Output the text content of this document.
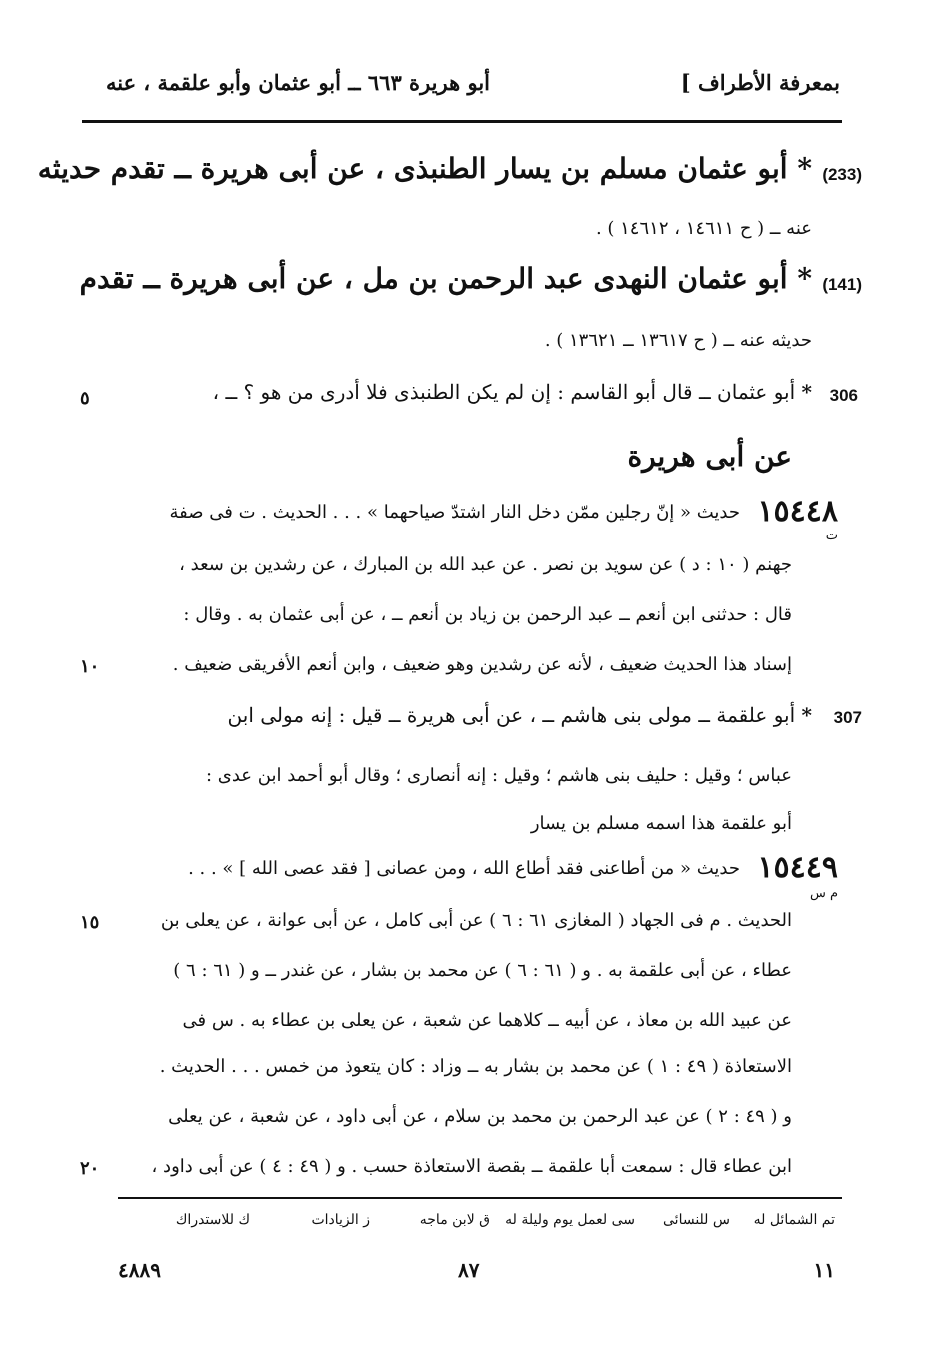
بمعرفة الأطراف ]
أبو هريرة ٦٦٣ ــ أبو عثمان وأبو علقمة ، عنه
(233)
* أبو عثمان مسلم بن يسار الطنبذى ، عن أبى هريرة ــ تقدم حديثه
عنه ــ ( ح ١٤٦١١ ، ١٤٦١٢ ) .
(141)
* أبو عثمان النهدى عبد الرحمن بن مل ، عن أبى هريرة ــ تقدم
حديثه عنه ــ ( ح ١٣٦١٧ ــ ١٣٦٢١ ) .
306
* أبو عثمان ــ قال أبو القاسم : إن لم يكن الطنبذى فلا أدرى من هو ؟ ــ ،
٥
عن أبى هريرة
١٥٤٤٨
ت
حديث « إنّ رجلين ممّن دخل النار اشتدّ صياحهما » . . . الحديث . ت فى صفة
جهنم ( ١٠ : د ) عن سويد بن نصر . عن عبد الله بن المبارك ، عن رشدين بن سعد ،
قال : حدثنى ابن أنعم ــ عبد الرحمن بن زياد بن أنعم ــ ، عن أبى عثمان به . وقال :
إسناد هذا الحديث ضعيف ، لأنه عن رشدين وهو ضعيف ، وابن أنعم الأفريقى ضعيف .
١٠
307
* أبو علقمة ــ مولى بنى هاشم ــ ، عن أبى هريرة ــ قيل : إنه مولى ابن
عباس ؛ وقيل : حليف بنى هاشم ؛ وقيل : إنه أنصارى ؛ وقال أبو أحمد ابن عدى :
أبو علقمة هذا اسمه مسلم بن يسار
١٥٤٤٩
م س
حديث « من أطاعنى فقد أطاع الله ، ومن عصانى [ فقد عصى الله ] » . . .
الحديث . م فى الجهاد ( المغازى ٦١ : ٦ ) عن أبى كامل ، عن أبى عوانة ، عن يعلى بن
١٥
عطاء ، عن أبى علقمة به . و ( ٦١ : ٦ ) عن محمد بن بشار ، عن غندر ــ و ( ٦١ : ٦ )
عن عبيد الله بن معاذ ، عن أبيه ــ كلاهما عن شعبة ، عن يعلى بن عطاء به . س فى
الاستعاذة ( ٤٩ : ١ ) عن محمد بن بشار به ــ وزاد : كان يتعوذ من خمس . . . الحديث .
و ( ٤٩ : ٢ ) عن عبد الرحمن بن محمد بن سلام ، عن أبى داود ، عن شعبة ، عن يعلى
ابن عطاء قال : سمعت أبا علقمة ــ بقصة الاستعاذة حسب . و ( ٤٩ : ٤ ) عن أبى داود ،
٢٠
تم الشمائل له
س للنسائى
سى لعمل يوم وليلة له
ق لابن ماجه
ز الزيادات
ك للاستدراك
١١
٨٧
٤٨٨٩
